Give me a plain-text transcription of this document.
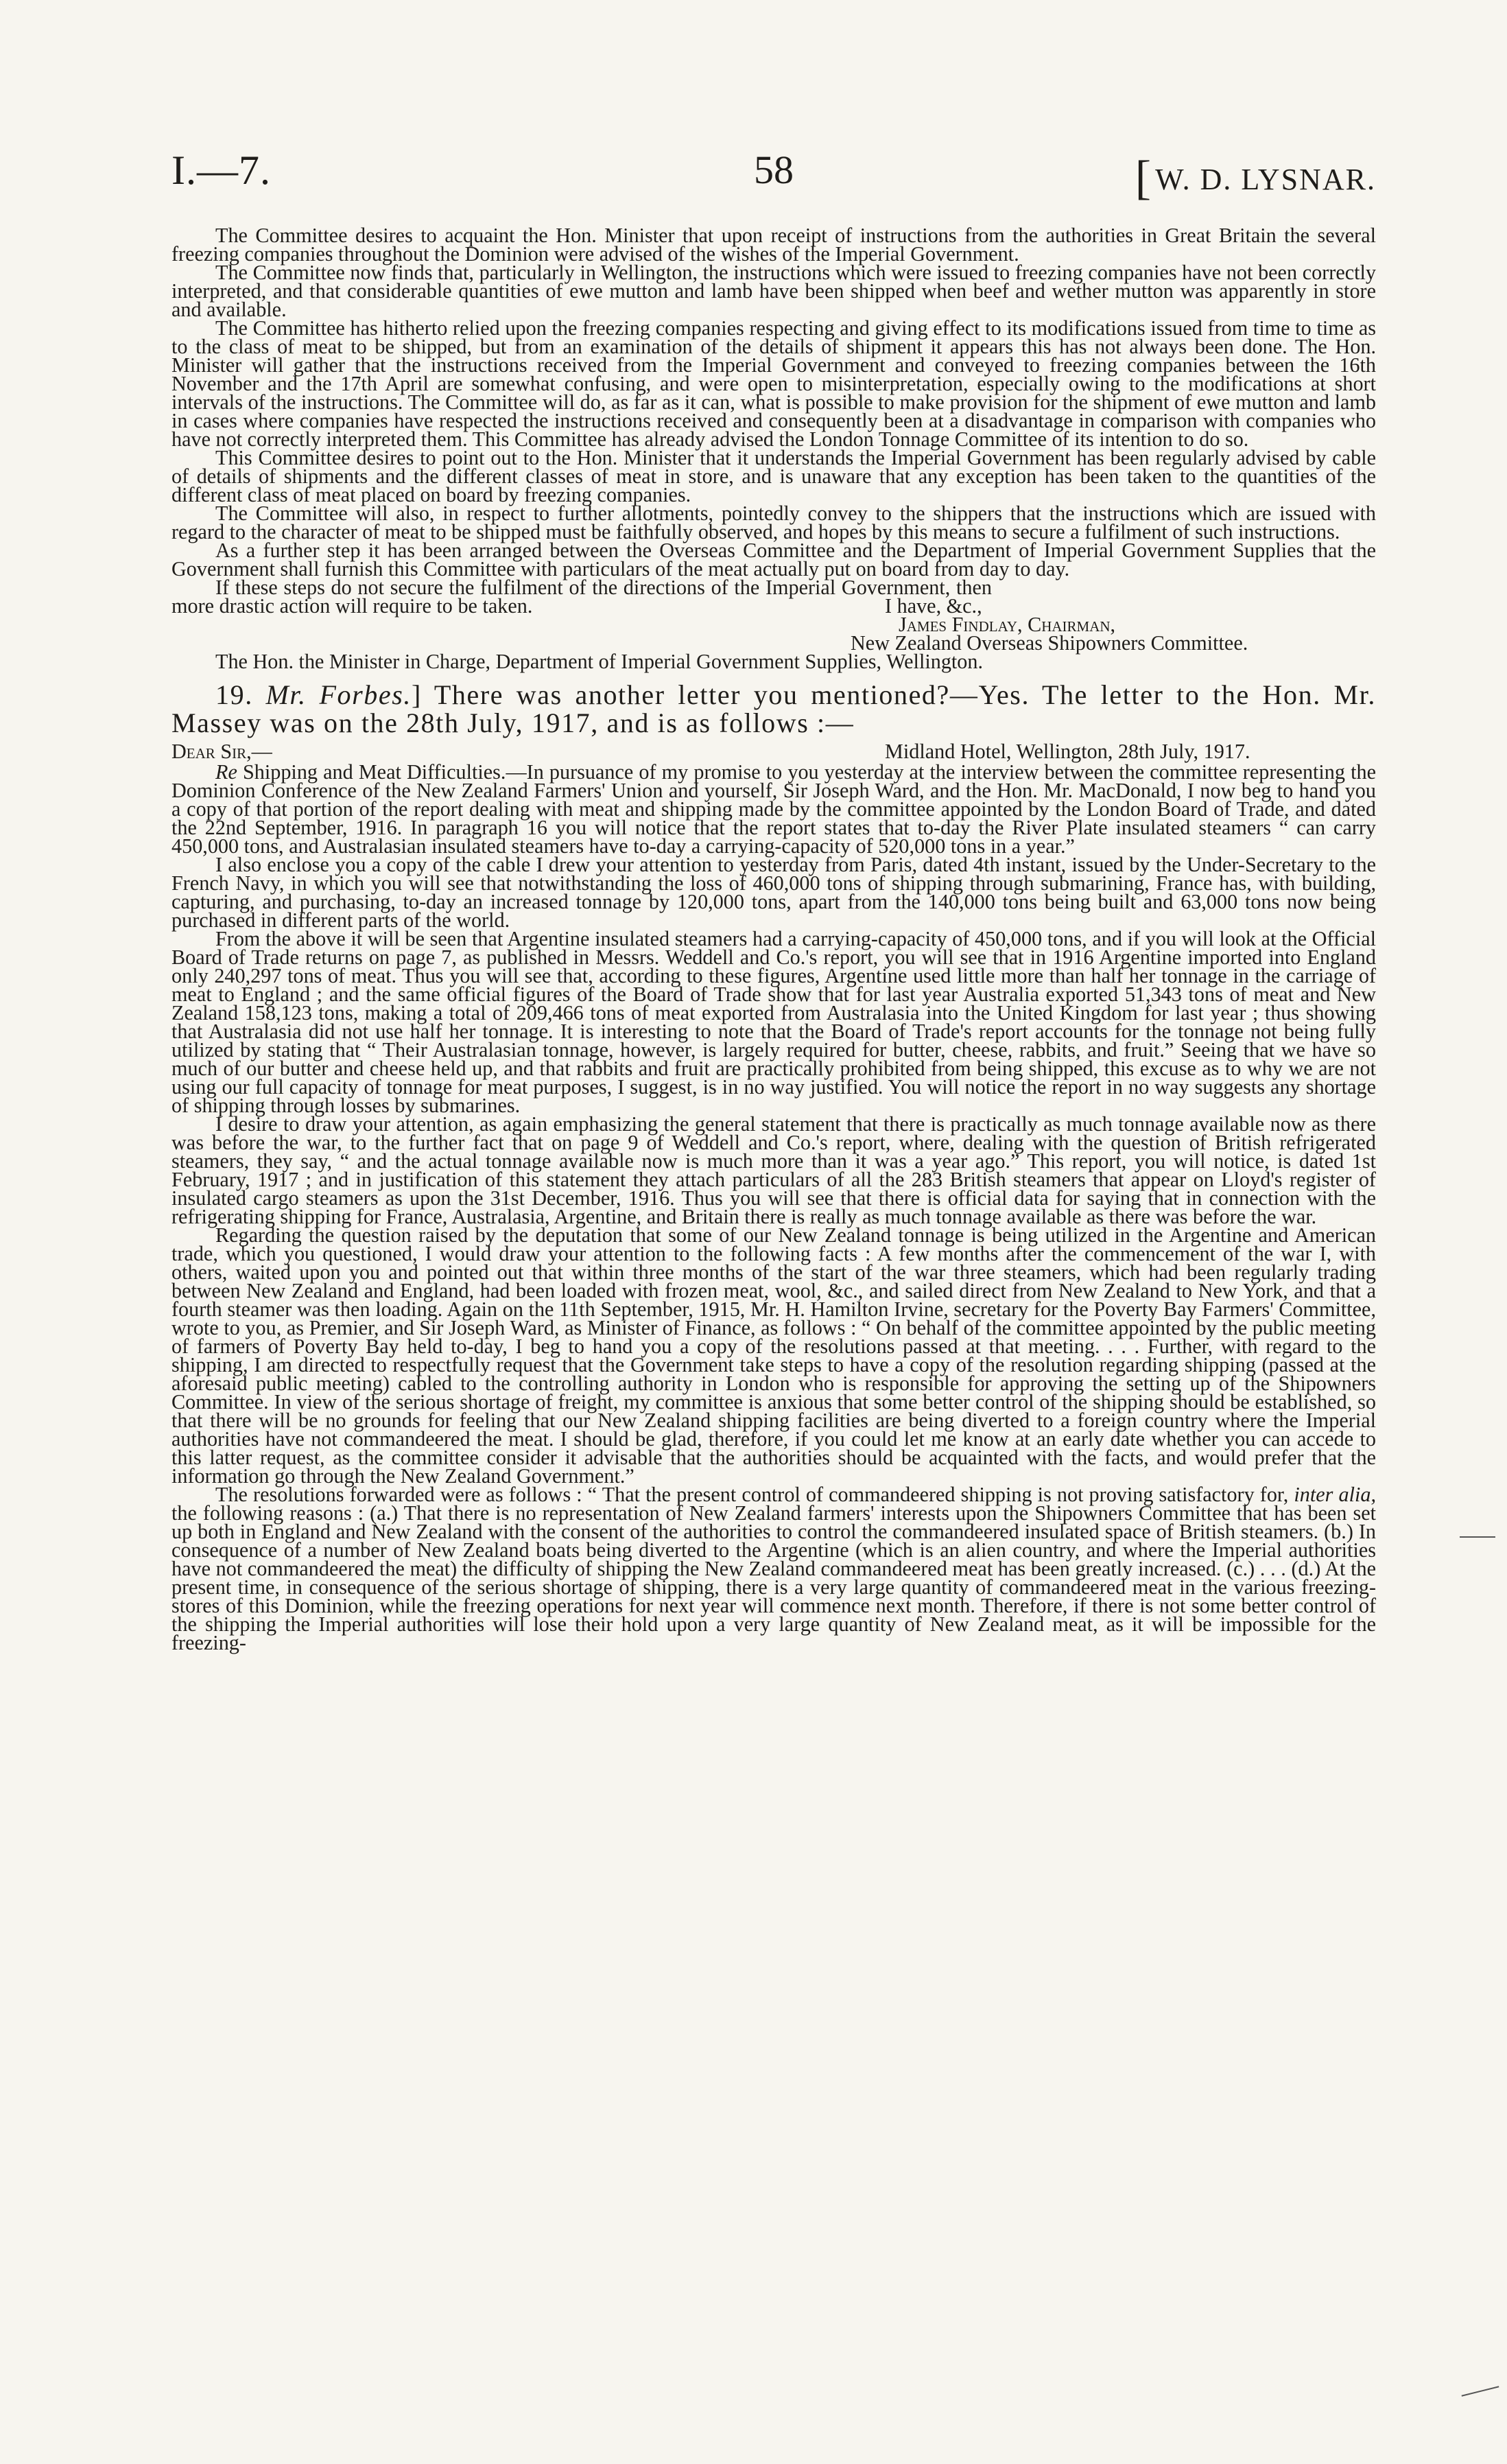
I.—7.	58	[W. D. LYSNAR.

The Committee desires to acquaint the Hon. Minister that upon receipt of instructions from the authorities in Great Britain the several freezing companies throughout the Dominion were advised of the wishes of the Imperial Government.

The Committee now finds that, particularly in Wellington, the instructions which were issued to freezing companies have not been correctly interpreted, and that considerable quantities of ewe mutton and lamb have been shipped when beef and wether mutton was apparently in store and available.

The Committee has hitherto relied upon the freezing companies respecting and giving effect to its modifications issued from time to time as to the class of meat to be shipped, but from an examination of the details of shipment it appears this has not always been done. The Hon. Minister will gather that the instructions received from the Imperial Government and conveyed to freezing companies between the 16th November and the 17th April are somewhat confusing, and were open to misinterpretation, especially owing to the modifications at short intervals of the instructions. The Committee will do, as far as it can, what is possible to make provision for the shipment of ewe mutton and lamb in cases where companies have respected the instructions received and consequently been at a disadvantage in comparison with companies who have not correctly interpreted them. This Committee has already advised the London Tonnage Committee of its intention to do so.

This Committee desires to point out to the Hon. Minister that it understands the Imperial Government has been regularly advised by cable of details of shipments and the different classes of meat in store, and is unaware that any exception has been taken to the quantities of the different class of meat placed on board by freezing companies.

The Committee will also, in respect to further allotments, pointedly convey to the shippers that the instructions which are issued with regard to the character of meat to be shipped must be faithfully observed, and hopes by this means to secure a fulfilment of such instructions.

As a further step it has been arranged between the Overseas Committee and the Department of Imperial Government Supplies that the Government shall furnish this Committee with particulars of the meat actually put on board from day to day.

If these steps do not secure the fulfilment of the directions of the Imperial Government, then more drastic action will require to be taken.	I have, &c.,
James Findlay, Chairman,
New Zealand Overseas Shipowners Committee.

The Hon. the Minister in Charge, Department of Imperial Government Supplies, Wellington.

19. Mr. Forbes.] There was another letter you mentioned?—Yes. The letter to the Hon. Mr. Massey was on the 28th July, 1917, and is as follows :—

Dear Sir,—	Midland Hotel, Wellington, 28th July, 1917.

Re Shipping and Meat Difficulties.—In pursuance of my promise to you yesterday at the interview between the committee representing the Dominion Conference of the New Zealand Farmers' Union and yourself, Sir Joseph Ward, and the Hon. Mr. MacDonald, I now beg to hand you a copy of that portion of the report dealing with meat and shipping made by the committee appointed by the London Board of Trade, and dated the 22nd September, 1916. In paragraph 16 you will notice that the report states that to-day the River Plate insulated steamers “ can carry 450,000 tons, and Australasian insulated steamers have to-day a carrying-capacity of 520,000 tons in a year.”

I also enclose you a copy of the cable I drew your attention to yesterday from Paris, dated 4th instant, issued by the Under-Secretary to the French Navy, in which you will see that notwithstanding the loss of 460,000 tons of shipping through submarining, France has, with building, capturing, and purchasing, to-day an increased tonnage by 120,000 tons, apart from the 140,000 tons being built and 63,000 tons now being purchased in different parts of the world.

From the above it will be seen that Argentine insulated steamers had a carrying-capacity of 450,000 tons, and if you will look at the Official Board of Trade returns on page 7, as published in Messrs. Weddell and Co.'s report, you will see that in 1916 Argentine imported into England only 240,297 tons of meat. Thus you will see that, according to these figures, Argentine used little more than half her tonnage in the carriage of meat to England ; and the same official figures of the Board of Trade show that for last year Australia exported 51,343 tons of meat and New Zealand 158,123 tons, making a total of 209,466 tons of meat exported from Australasia into the United Kingdom for last year ; thus showing that Australasia did not use half her tonnage. It is interesting to note that the Board of Trade's report accounts for the tonnage not being fully utilized by stating that “ Their Australasian tonnage, however, is largely required for butter, cheese, rabbits, and fruit.” Seeing that we have so much of our butter and cheese held up, and that rabbits and fruit are practically prohibited from being shipped, this excuse as to why we are not using our full capacity of tonnage for meat purposes, I suggest, is in no way justified. You will notice the report in no way suggests any shortage of shipping through losses by submarines.

I desire to draw your attention, as again emphasizing the general statement that there is practically as much tonnage available now as there was before the war, to the further fact that on page 9 of Weddell and Co.'s report, where, dealing with the question of British refrigerated steamers, they say, “ and the actual tonnage available now is much more than it was a year ago.” This report, you will notice, is dated 1st February, 1917 ; and in justification of this statement they attach particulars of all the 283 British steamers that appear on Lloyd's register of insulated cargo steamers as upon the 31st December, 1916. Thus you will see that there is official data for saying that in connection with the refrigerating shipping for France, Australasia, Argentine, and Britain there is really as much tonnage available as there was before the war.

Regarding the question raised by the deputation that some of our New Zealand tonnage is being utilized in the Argentine and American trade, which you questioned, I would draw your attention to the following facts : A few months after the commencement of the war I, with others, waited upon you and pointed out that within three months of the start of the war three steamers, which had been regularly trading between New Zealand and England, had been loaded with frozen meat, wool, &c., and sailed direct from New Zealand to New York, and that a fourth steamer was then loading. Again on the 11th September, 1915, Mr. H. Hamilton Irvine, secretary for the Poverty Bay Farmers' Committee, wrote to you, as Premier, and Sir Joseph Ward, as Minister of Finance, as follows : “ On behalf of the committee appointed by the public meeting of farmers of Poverty Bay held to-day, I beg to hand you a copy of the resolutions passed at that meeting. . . . Further, with regard to the shipping, I am directed to respectfully request that the Government take steps to have a copy of the resolution regarding shipping (passed at the aforesaid public meeting) cabled to the controlling authority in London who is responsible for approving the setting up of the Shipowners Committee. In view of the serious shortage of freight, my committee is anxious that some better control of the shipping should be established, so that there will be no grounds for feeling that our New Zealand shipping facilities are being diverted to a foreign country where the Imperial authorities have not commandeered the meat. I should be glad, therefore, if you could let me know at an early date whether you can accede to this latter request, as the committee consider it advisable that the authorities should be acquainted with the facts, and would prefer that the information go through the New Zealand Government.”

The resolutions forwarded were as follows : “ That the present control of commandeered shipping is not proving satisfactory for, inter alia, the following reasons : (a.) That there is no representation of New Zealand farmers' interests upon the Shipowners Committee that has been set up both in England and New Zealand with the consent of the authorities to control the commandeered insulated space of British steamers. (b.) In consequence of a number of New Zealand boats being diverted to the Argentine (which is an alien country, and where the Imperial authorities have not commandeered the meat) the difficulty of shipping the New Zealand commandeered meat has been greatly increased. (c.) . . . (d.) At the present time, in consequence of the serious shortage of shipping, there is a very large quantity of commandeered meat in the various freezing-stores of this Dominion, while the freezing operations for next year will commence next month. Therefore, if there is not some better control of the shipping the Imperial authorities will lose their hold upon a very large quantity of New Zealand meat, as it will be impossible for the freezing-
